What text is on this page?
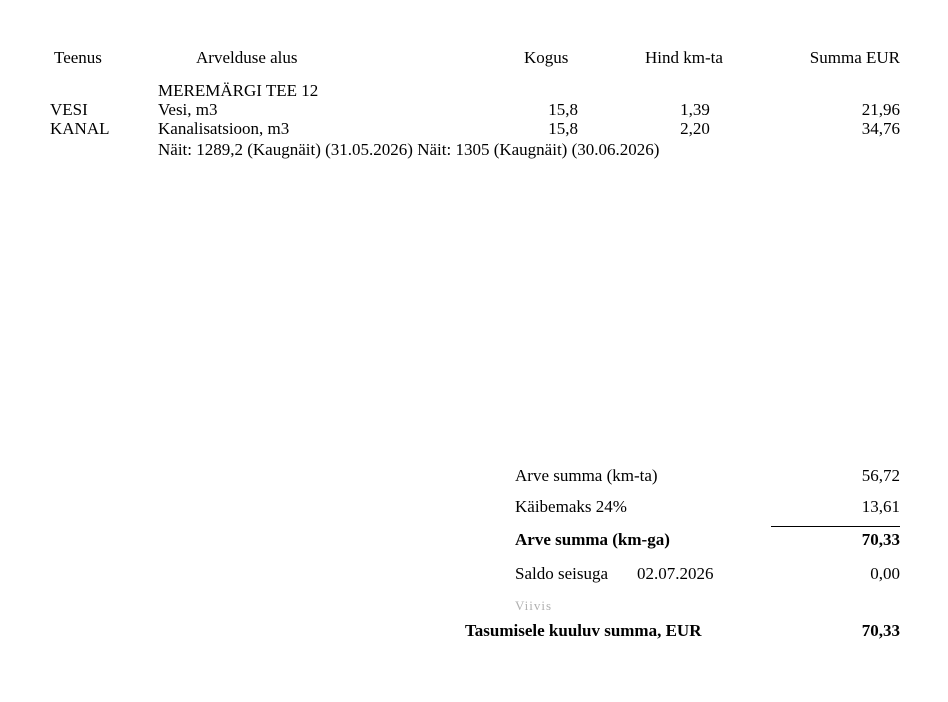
Teenus	Arvelduse alus	Kogus	Hind km-ta	Summa EUR
MEREMÄRGI TEE 12
VESI	Vesi, m3	15,8	1,39	21,96
KANAL	Kanalisatsioon, m3	15,8	2,20	34,76
Näit: 1289,2 (Kaugnäit) (31.05.2026) Näit: 1305 (Kaugnäit) (30.06.2026)
Arve summa (km-ta)	56,72
Käibemaks 24%	13,61
Arve summa (km-ga)	70,33
Saldo seisuga 02.07.2026	0,00
Viivis
Tasumisele kuuluv summa, EUR	70,33
